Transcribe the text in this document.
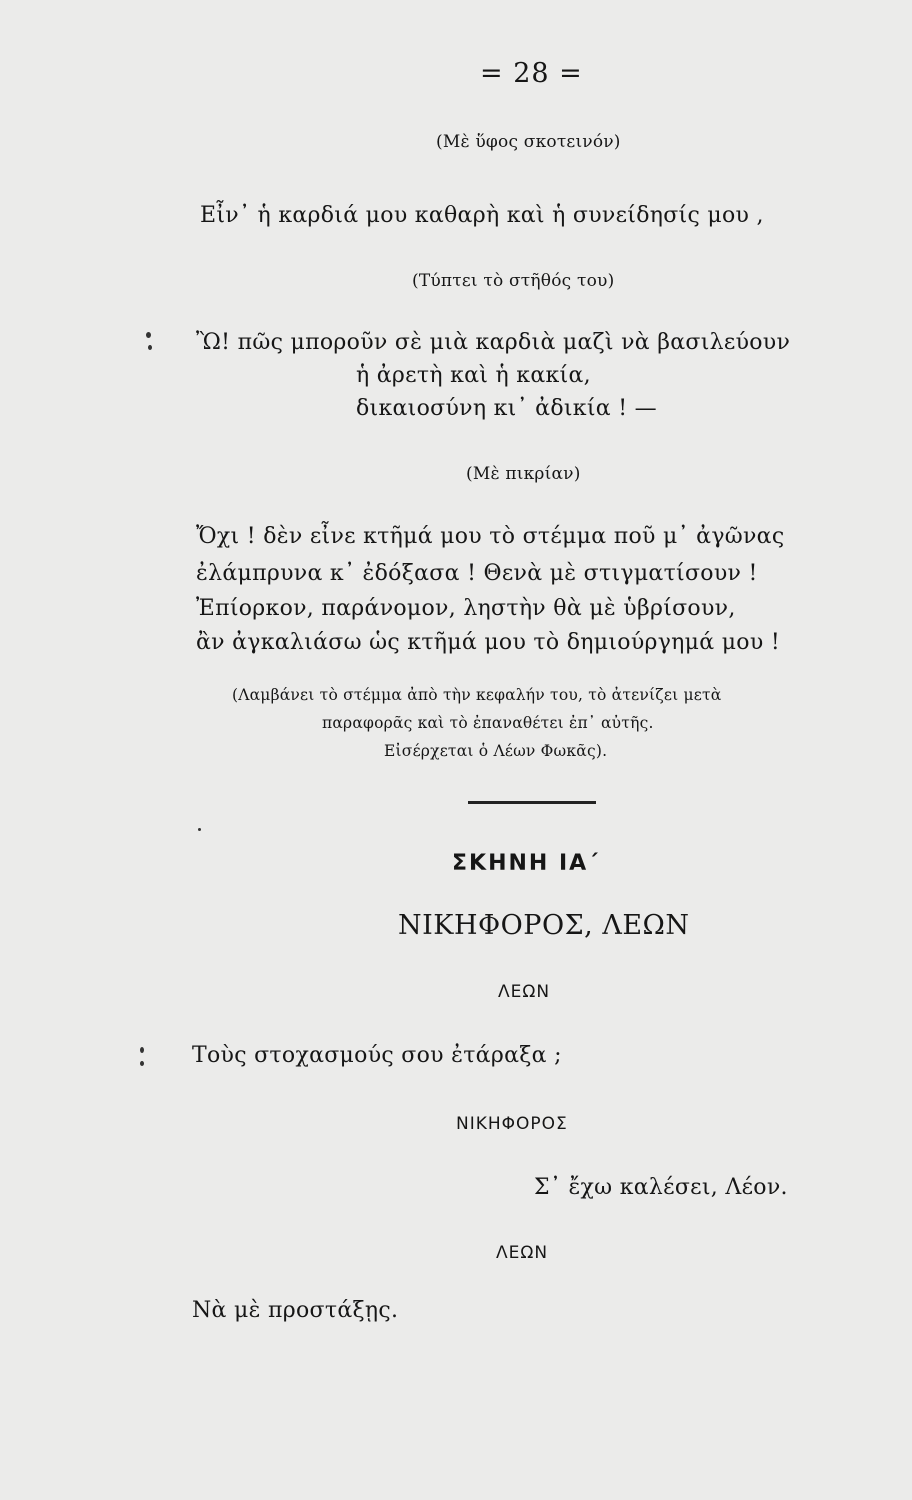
= 28 =
(Μὲ ὕφος σκοτεινόν)
Εἶν᾽ ἡ καρδιά μου καθαρὴ καὶ ἡ συνείδησίς μου ,
(Τύπτει τὸ στῆθός του)
Ὢ! πῶς μποροῦν σὲ μιὰ καρδιὰ μαζὶ νὰ βασιλεύουν
ἡ ἀρετὴ καὶ ἡ κακία,
δικαιοσύνη κι᾽ ἀδικία ! —
(Μὲ πικρίαν)
Ὄχι ! δὲν εἶνε κτῆμά μου τὸ στέμμα ποῦ μ᾽ ἀγῶνας
ἐλάμπρυνα κ᾽ ἐδόξασα ! Θενὰ μὲ στιγματίσουν !
Ἐπίορκον, παράνομον, ληστὴν θὰ μὲ ὑβρίσουν,
ἂν ἀγκαλιάσω ὡς κτῆμά μου τὸ δημιούργημά μου !
(Λαμβάνει τὸ στέμμα ἀπὸ τὴν κεφαλήν του, τὸ ἀτενίζει μετὰ
παραφορᾶς καὶ τὸ ἐπαναθέτει ἐπ᾽ αὐτῆς.
Εἰσέρχεται ὁ Λέων Φωκᾶς).
ΣΚΗΝΗ ΙΑ΄
ΝΙΚΗΦΟΡΟΣ, ΛΕΩΝ
ΛΕΩΝ
Τοὺς στοχασμούς σου ἐτάραξα ;
ΝΙΚΗΦΟΡΟΣ
Σ᾽ ἔχω καλέσει, Λέον.
ΛΕΩΝ
Νὰ μὲ προστάξῃς.
